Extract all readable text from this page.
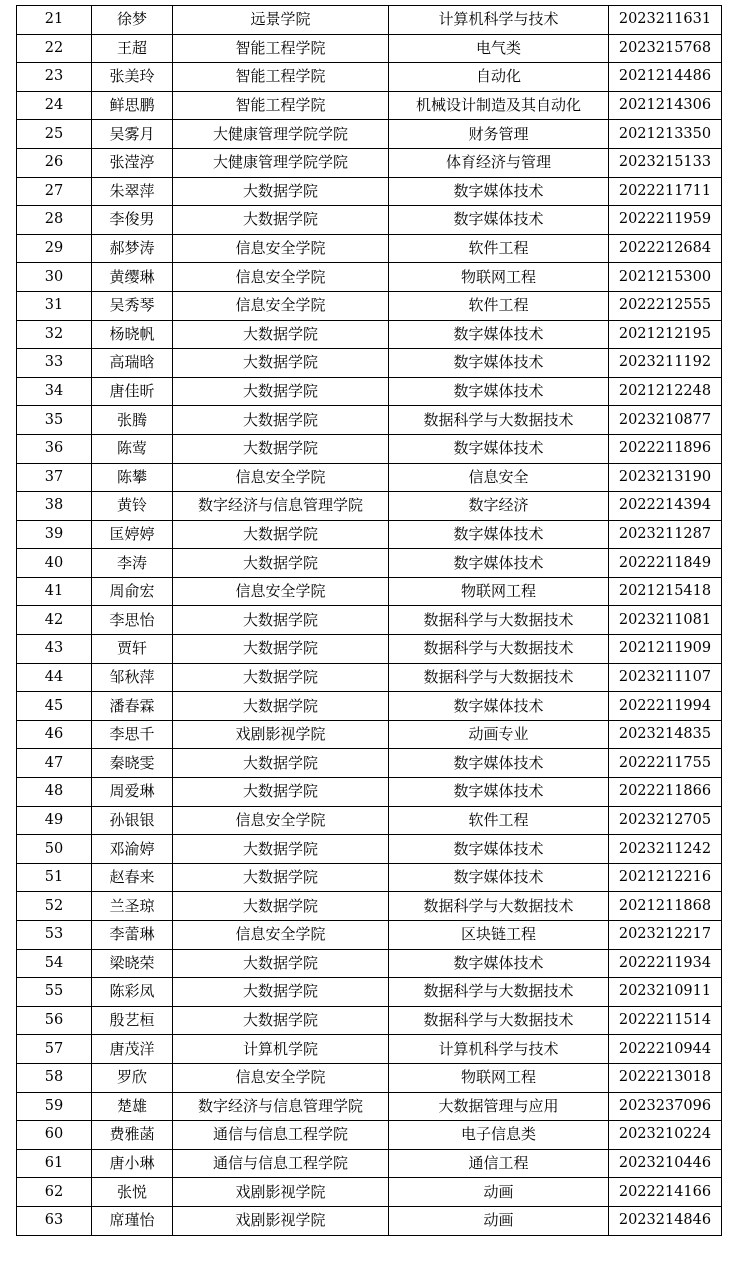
21	徐梦	远景学院	计算机科学与技术	2023211631
22	王超	智能工程学院	电气类	2023215768
23	张美玲	智能工程学院	自动化	2021214486
24	鲜思鹏	智能工程学院	机械设计制造及其自动化	2021214306
25	吴雾月	大健康管理学院学院	财务管理	2021213350
26	张滢渟	大健康管理学院学院	体育经济与管理	2023215133
27	朱翠萍	大数据学院	数字媒体技术	2022211711
28	李俊男	大数据学院	数字媒体技术	2022211959
29	郝梦涛	信息安全学院	软件工程	2022212684
30	黄缨琳	信息安全学院	物联网工程	2021215300
31	吴秀琴	信息安全学院	软件工程	2022212555
32	杨晓帆	大数据学院	数字媒体技术	2021212195
33	高瑞晗	大数据学院	数字媒体技术	2023211192
34	唐佳昕	大数据学院	数字媒体技术	2021212248
35	张腾	大数据学院	数据科学与大数据技术	2023210877
36	陈莺	大数据学院	数字媒体技术	2022211896
37	陈攀	信息安全学院	信息安全	2023213190
38	黄铃	数字经济与信息管理学院	数字经济	2022214394
39	匡婷婷	大数据学院	数字媒体技术	2023211287
40	李涛	大数据学院	数字媒体技术	2022211849
41	周俞宏	信息安全学院	物联网工程	2021215418
42	李思怡	大数据学院	数据科学与大数据技术	2023211081
43	贾轩	大数据学院	数据科学与大数据技术	2021211909
44	邹秋萍	大数据学院	数据科学与大数据技术	2023211107
45	潘春霖	大数据学院	数字媒体技术	2022211994
46	李思千	戏剧影视学院	动画专业	2023214835
47	秦晓雯	大数据学院	数字媒体技术	2022211755
48	周爱琳	大数据学院	数字媒体技术	2022211866
49	孙银银	信息安全学院	软件工程	2023212705
50	邓渝婷	大数据学院	数字媒体技术	2023211242
51	赵春来	大数据学院	数字媒体技术	2021212216
52	兰圣琼	大数据学院	数据科学与大数据技术	2021211868
53	李蕾琳	信息安全学院	区块链工程	2023212217
54	梁晓荣	大数据学院	数字媒体技术	2022211934
55	陈彩凤	大数据学院	数据科学与大数据技术	2023210911
56	殷艺桓	大数据学院	数据科学与大数据技术	2022211514
57	唐茂洋	计算机学院	计算机科学与技术	2022210944
58	罗欣	信息安全学院	物联网工程	2022213018
59	楚雄	数字经济与信息管理学院	大数据管理与应用	2023237096
60	费雅菡	通信与信息工程学院	电子信息类	2023210224
61	唐小琳	通信与信息工程学院	通信工程	2023210446
62	张悦	戏剧影视学院	动画	2022214166
63	席瑾怡	戏剧影视学院	动画	2023214846
